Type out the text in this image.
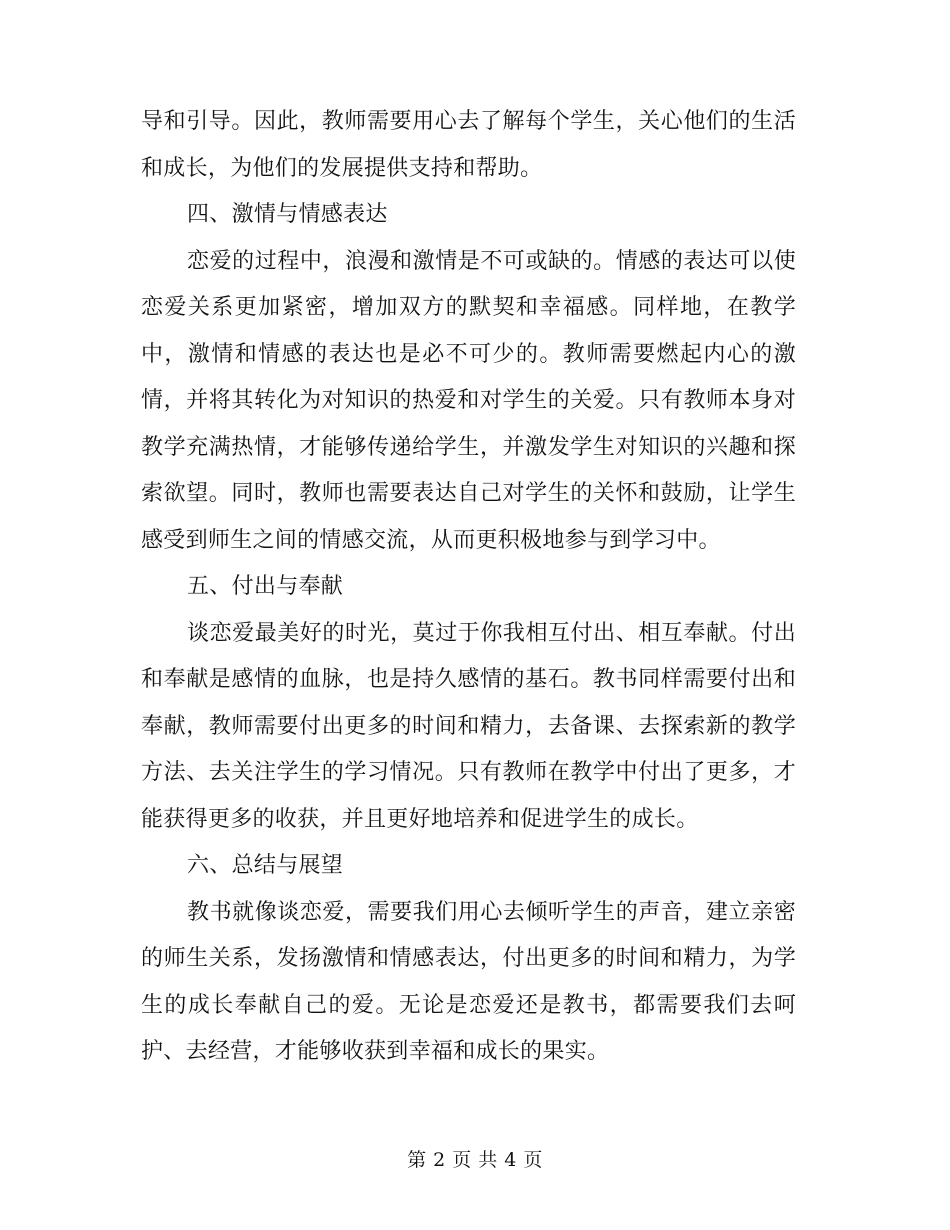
导和引导。因此，教师需要用心去了解每个学生，关心他们的生活和成长，为他们的发展提供支持和帮助。

四、激情与情感表达

恋爱的过程中，浪漫和激情是不可或缺的。情感的表达可以使恋爱关系更加紧密，增加双方的默契和幸福感。同样地，在教学中，激情和情感的表达也是必不可少的。教师需要燃起内心的激情，并将其转化为对知识的热爱和对学生的关爱。只有教师本身对教学充满热情，才能够传递给学生，并激发学生对知识的兴趣和探索欲望。同时，教师也需要表达自己对学生的关怀和鼓励，让学生感受到师生之间的情感交流，从而更积极地参与到学习中。

五、付出与奉献

谈恋爱最美好的时光，莫过于你我相互付出、相互奉献。付出和奉献是感情的血脉，也是持久感情的基石。教书同样需要付出和奉献，教师需要付出更多的时间和精力，去备课、去探索新的教学方法、去关注学生的学习情况。只有教师在教学中付出了更多，才能获得更多的收获，并且更好地培养和促进学生的成长。

六、总结与展望

教书就像谈恋爱，需要我们用心去倾听学生的声音，建立亲密的师生关系，发扬激情和情感表达，付出更多的时间和精力，为学生的成长奉献自己的爱。无论是恋爱还是教书，都需要我们去呵护、去经营，才能够收获到幸福和成长的果实。

第 2 页 共 4 页
